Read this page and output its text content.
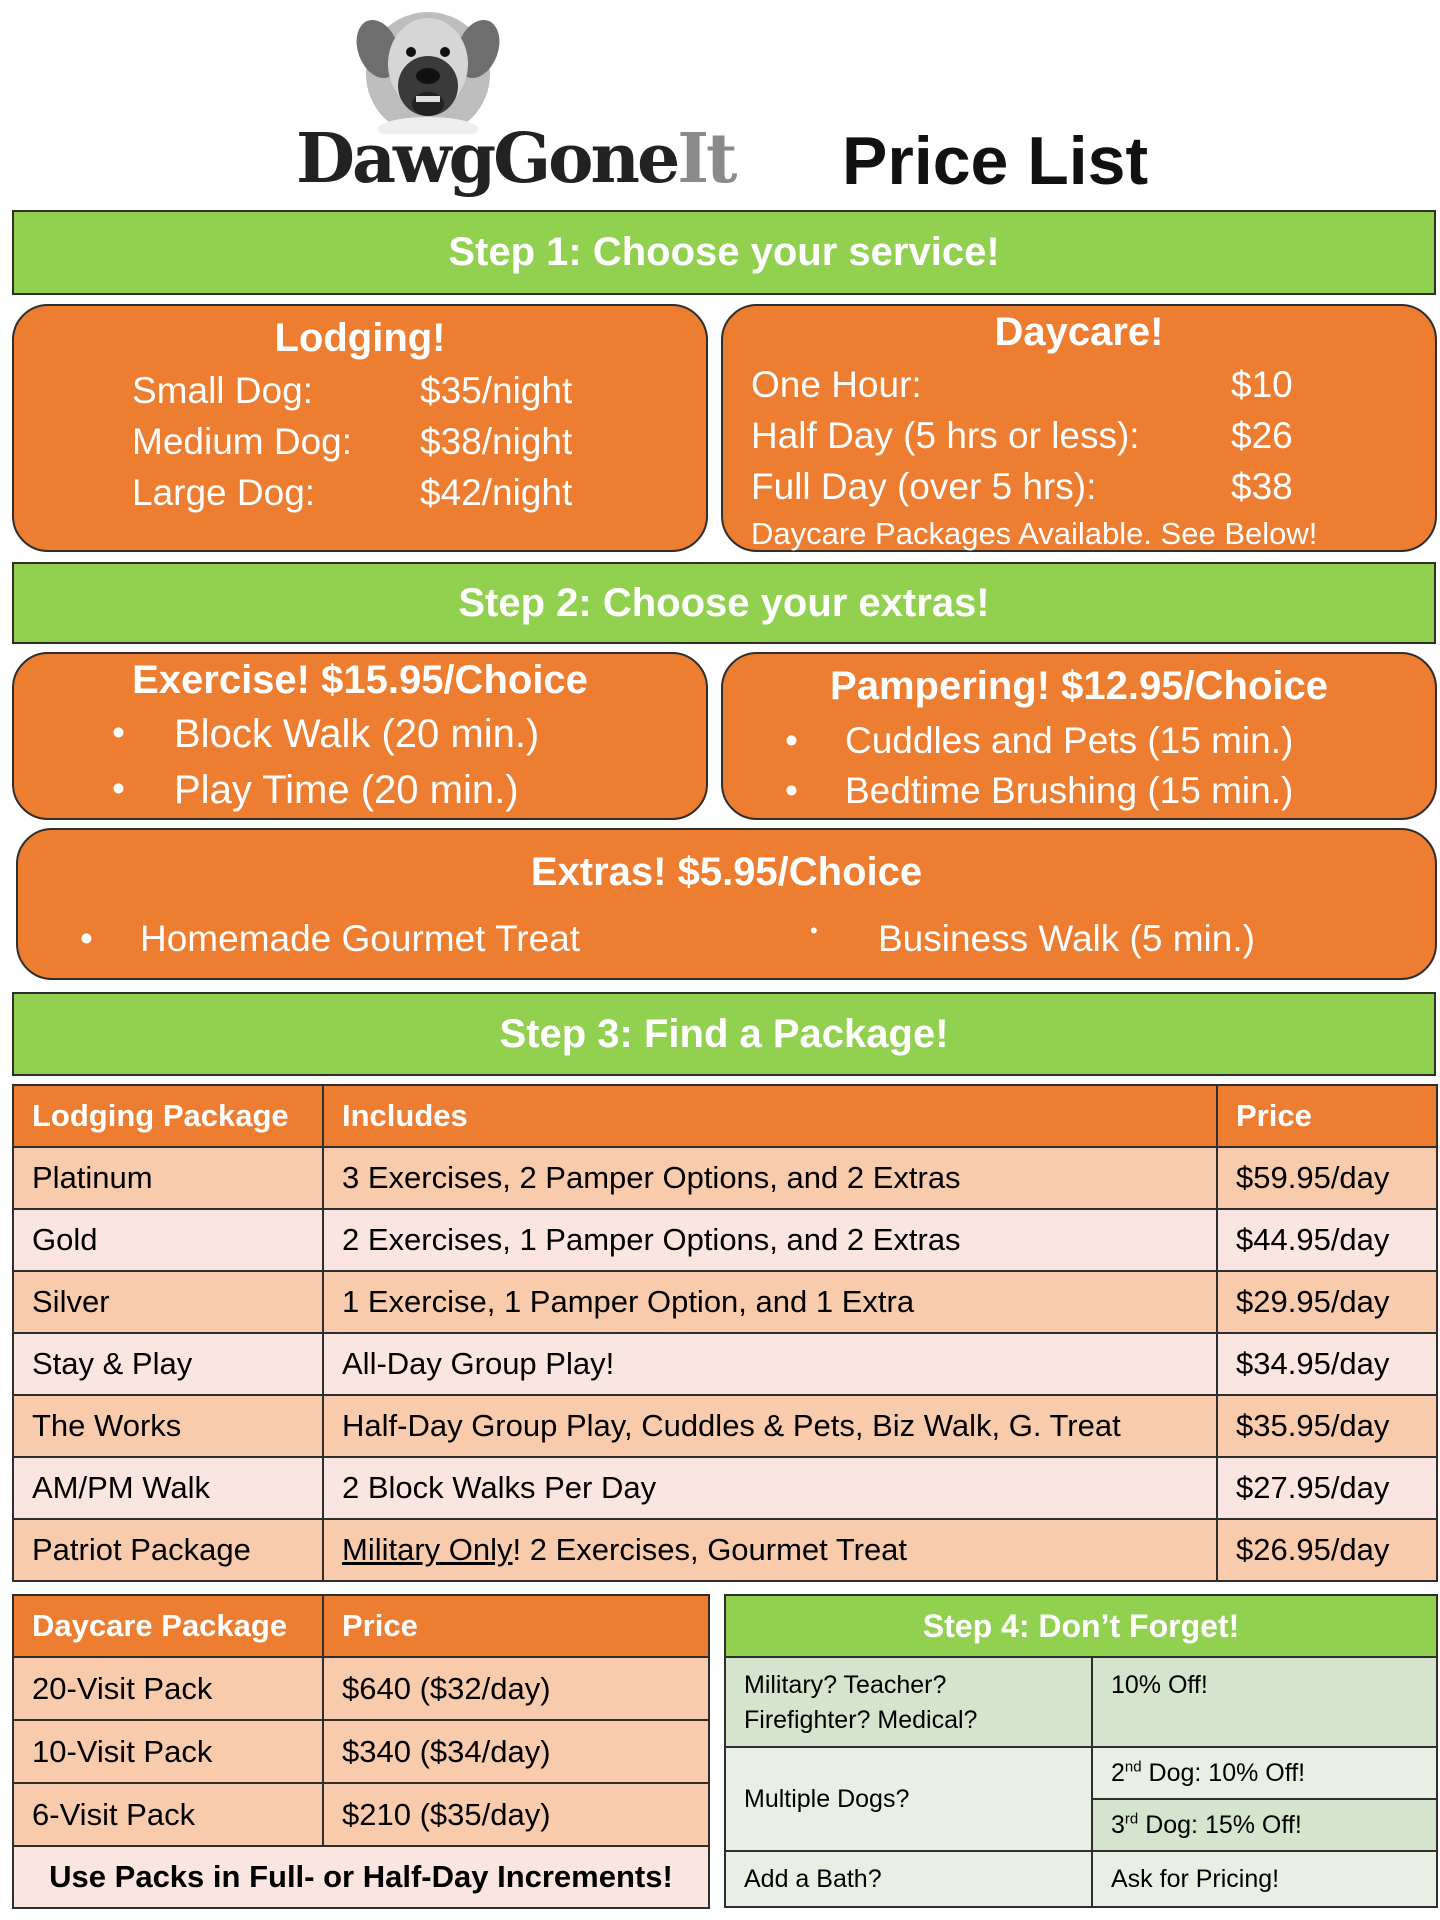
DawgGoneIt Price List
Step 1: Choose your service!
Lodging!
Small Dog:	$35/night
Medium Dog: $38/night
Large Dog:	$42/night
Daycare!
One Hour:	$10
Half Day (5 hrs or less): $26
Full Day (over 5 hrs):	$38
Daycare Packages Available. See Below!
Step 2: Choose your extras!
Exercise! $15.95/Choice
• Block Walk (20 min.)
• Play Time (20 min.)
Pampering! $12.95/Choice
• Cuddles and Pets (15 min.)
• Bedtime Brushing (15 min.)
Extras! $5.95/Choice
• Homemade Gourmet Treat	• Business Walk (5 min.)
Step 3: Find a Package!
Lodging Package	Includes	Price
Platinum	3 Exercises, 2 Pamper Options, and 2 Extras	$59.95/day
Gold	2 Exercises, 1 Pamper Options, and 2 Extras	$44.95/day
Silver	1 Exercise, 1 Pamper Option, and 1 Extra	$29.95/day
Stay & Play	All-Day Group Play!	$34.95/day
The Works	Half-Day Group Play, Cuddles & Pets, Biz Walk, G. Treat	$35.95/day
AM/PM Walk	2 Block Walks Per Day	$27.95/day
Patriot Package	Military Only! 2 Exercises, Gourmet Treat	$26.95/day
Daycare Package	Price
20-Visit Pack	$640 ($32/day)
10-Visit Pack	$340 ($34/day)
6-Visit Pack	$210 ($35/day)
Use Packs in Full- or Half-Day Increments!	
Step 4: Don’t Forget!	

Military? Teacher?
Firefighter? Medical?	10% Off!
Multiple Dogs?	2nd Dog: 10% Off!
	3rd Dog: 15% Off!
Add a Bath?	Ask for Pricing!
